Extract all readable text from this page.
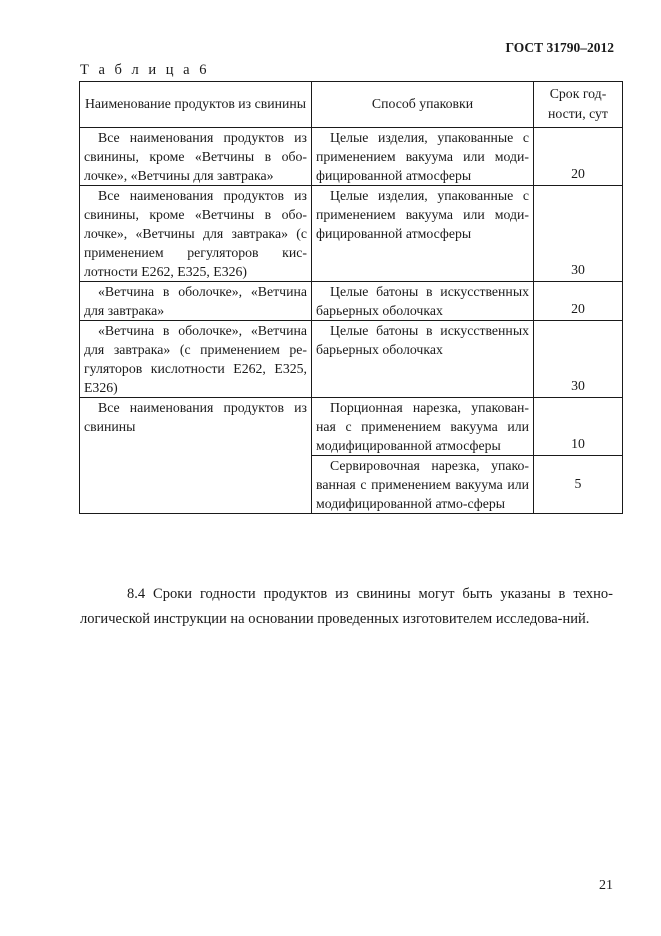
ГОСТ 31790–2012
Т а б л и ц а 6
Наименование продуктов из свинины	Способ упаковки	Срок год-ности, сут
Все наименования продуктов из свинины, кроме «Ветчины в обо-лочке», «Ветчины для завтрака»	Целые изделия, упакованные с применением вакуума или моди-фицированной атмосферы	20
Все наименования продуктов из свинины, кроме «Ветчины в обо-лочке», «Ветчины для завтрака» (с применением регуляторов кис-лотности Е262, Е325, Е326)	Целые изделия, упакованные с применением вакуума или моди-фицированной атмосферы	30
«Ветчина в оболочке», «Ветчина для завтрака»	Целые батоны в искусственных барьерных оболочках	20
«Ветчина в оболочке», «Ветчина для завтрака» (с применением ре-гуляторов кислотности Е262, Е325, Е326)	Целые батоны в искусственных барьерных оболочках	30
Все наименования продуктов из свинины	Порционная нарезка, упакован-ная с применением вакуума или модифицированной атмосферы	10
	Сервировочная нарезка, упако-ванная с применением вакуума или модифицированной атмо-сферы	5

8.4 Сроки годности продуктов из свинины могут быть указаны в техно-логической инструкции на основании проведенных изготовителем исследова-ний.

21
